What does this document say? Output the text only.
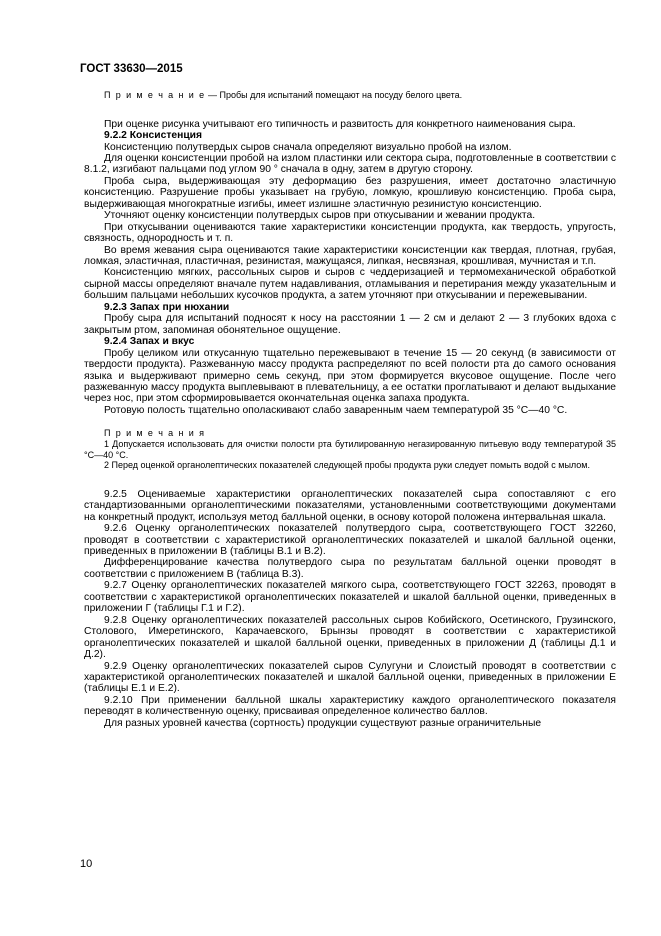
ГОСТ 33630—2015

П р и м е ч а н и е — Пробы для испытаний помещают на посуду белого цвета.

При оценке рисунка учитывают его типичность и развитость для конкретного наименования сыра.

9.2.2 Консистенция

Консистенцию полутвердых сыров сначала определяют визуально пробой на излом.

Для оценки консистенции пробой на излом пластинки или сектора сыра, подготовленные в соответствии с 8.1.2, изгибают пальцами под углом 90 ° сначала в одну, затем в другую сторону.

Проба сыра, выдерживающая эту деформацию без разрушения, имеет достаточно эластичную консистенцию. Разрушение пробы указывает на грубую, ломкую, крошливую консистенцию. Проба сыра, выдерживающая многократные изгибы, имеет излишне эластичную резинистую консистенцию.

Уточняют оценку консистенции полутвердых сыров при откусывании и жевании продукта.

При откусывании оцениваются такие характеристики консистенции продукта, как твердость, упругость, связность, однородность и т. п.

Во время жевания сыра оцениваются такие характеристики консистенции как твердая, плотная, грубая, ломкая, эластичная, пластичная, резинистая, мажущаяся, липкая, несвязная, крошливая, мучнистая и т.п.

Консистенцию мягких, рассольных сыров и сыров с чеддеризацией и термомеханической обработкой сырной массы определяют вначале путем надавливания, отламывания и перетирания между указательным и большим пальцами небольших кусочков продукта, а затем уточняют при откусывании и пережевывании.

9.2.3 Запах при нюхании

Пробу сыра для испытаний подносят к носу на расстоянии 1 — 2 см и делают 2 — 3 глубоких вдоха с закрытым ртом, запоминая обонятельное ощущение.

9.2.4 Запах и вкус

Пробу целиком или откусанную тщательно пережевывают в течение 15 — 20 секунд (в зависимости от твердости продукта). Разжеванную массу продукта распределяют по всей полости рта до самого основания языка и выдерживают примерно семь секунд, при этом формируется вкусовое ощущение. После чего разжеванную массу продукта выплевывают в плевательницу, а ее остатки проглатывают и делают выдыхание через нос, при этом сформировывается окончательная оценка запаха продукта.

Ротовую полость тщательно ополаскивают слабо заваренным чаем температурой 35 °С—40 °С.

П р и м е ч а н и я

1 Допускается использовать для очистки полости рта бутилированную негазированную питьевую воду температурой 35 °С—40 °С.

2 Перед оценкой органолептических показателей следующей пробы продукта руки следует помыть водой с мылом.

9.2.5 Оцениваемые характеристики органолептических показателей сыра сопоставляют с его стандартизованными органолептическими показателями, установленными соответствующими документами на конкретный продукт, используя метод балльной оценки, в основу которой положена интервальная шкала.

9.2.6 Оценку органолептических показателей полутвердого сыра, соответствующего ГОСТ 32260, проводят в соответствии с характеристикой органолептических показателей и шкалой балльной оценки, приведенных в приложении В (таблицы В.1 и В.2).

Дифференцирование качества полутвердого сыра по результатам балльной оценки проводят в соответствии с приложением В (таблица В.3).

9.2.7 Оценку органолептических показателей мягкого сыра, соответствующего ГОСТ 32263, проводят в соответствии с характеристикой органолептических показателей и шкалой балльной оценки, приведенных в приложении Г (таблицы Г.1 и Г.2).

9.2.8 Оценку органолептических показателей рассольных сыров Кобийского, Осетинского, Грузинского, Столового, Имеретинского, Карачаевского, Брынзы проводят в соответствии с характеристикой органолептических показателей и шкалой балльной оценки, приведенных в приложении Д (таблицы Д.1 и Д.2).

9.2.9 Оценку органолептических показателей сыров Сулугуни и Слоистый проводят в соответствии с характеристикой органолептических показателей и шкалой балльной оценки, приведенных в приложении Е (таблицы Е.1 и Е.2).

9.2.10 При применении балльной шкалы характеристику каждого органолептического показателя переводят в количественную оценку, присваивая определенное количество баллов.

Для разных уровней качества (сортность) продукции существуют разные ограничительные

10
